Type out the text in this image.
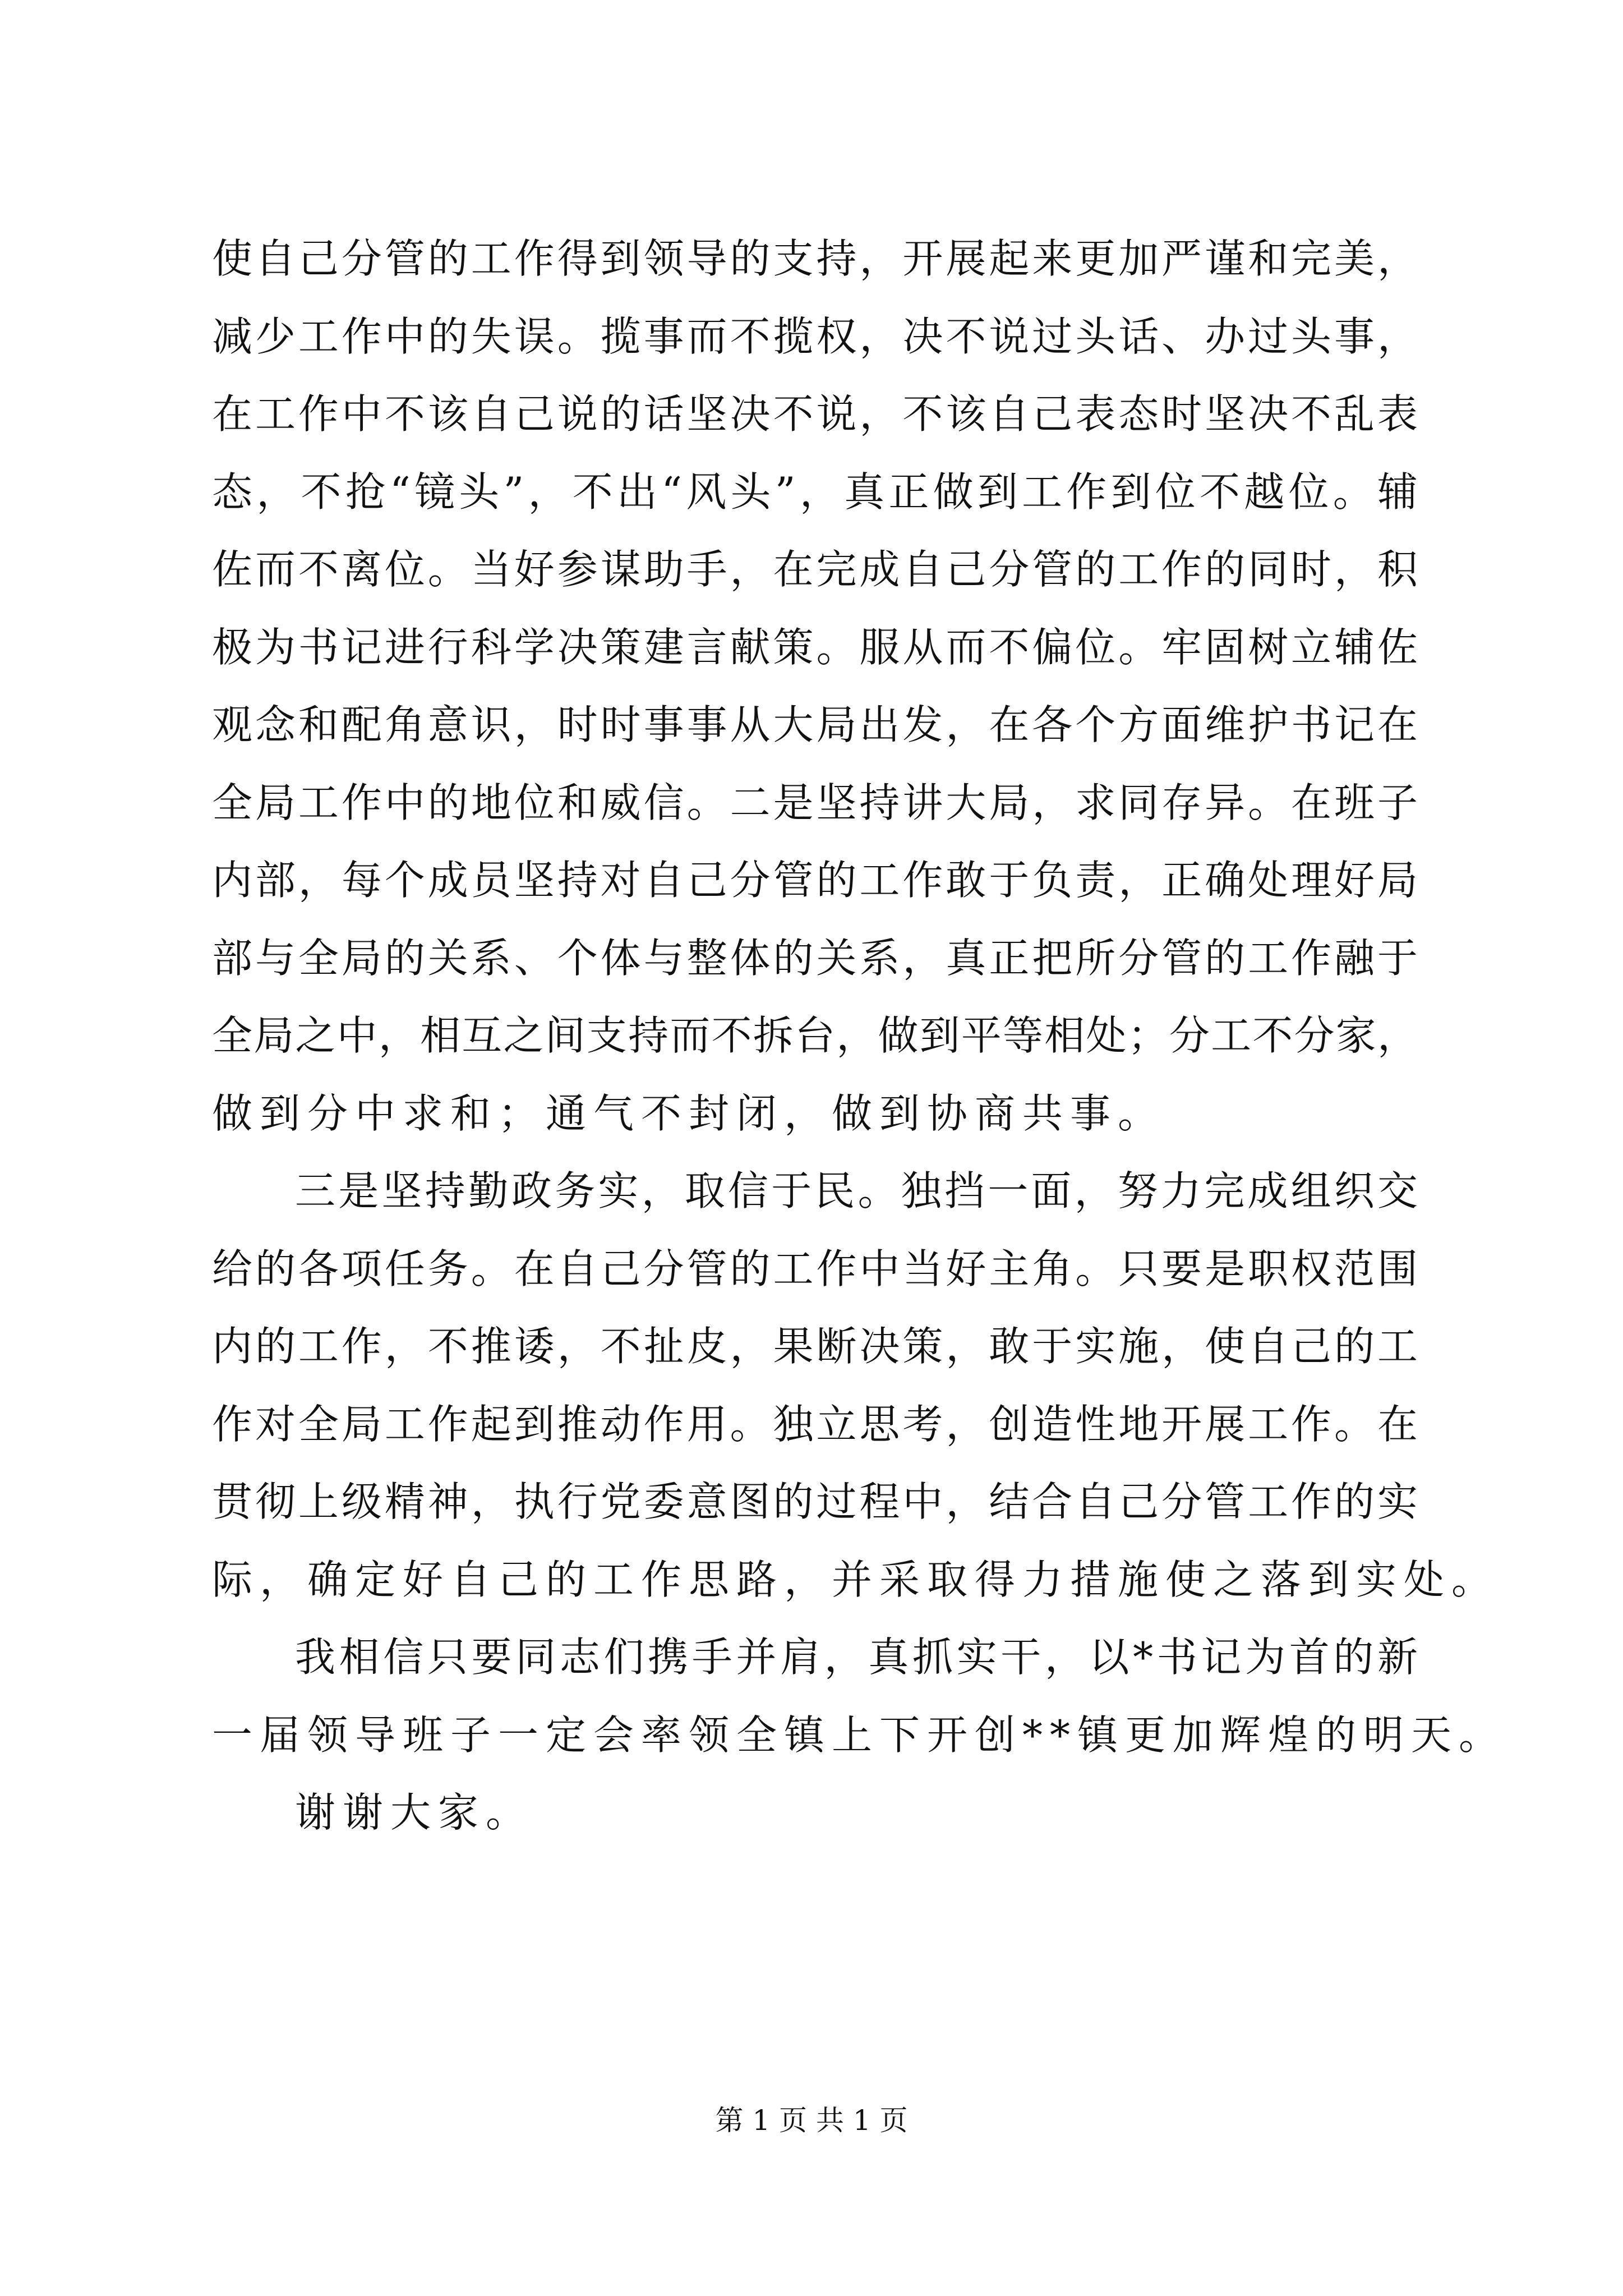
使自己分管的工作得到领导的支持，开展起来更加严谨和完美，
减少工作中的失误。揽事而不揽权，决不说过头话、办过头事，
在工作中不该自己说的话坚决不说，不该自己表态时坚决不乱表
态，不抢“镜头”，不出“风头”，真正做到工作到位不越位。辅
佐而不离位。当好参谋助手，在完成自己分管的工作的同时，积
极为书记进行科学决策建言献策。服从而不偏位。牢固树立辅佐
观念和配角意识，时时事事从大局出发，在各个方面维护书记在
全局工作中的地位和威信。二是坚持讲大局，求同存异。在班子
内部，每个成员坚持对自己分管的工作敢于负责，正确处理好局
部与全局的关系、个体与整体的关系，真正把所分管的工作融于
全局之中，相互之间支持而不拆台，做到平等相处；分工不分家，
做到分中求和；通气不封闭，做到协商共事。
三是坚持勤政务实，取信于民。独挡一面，努力完成组织交
给的各项任务。在自己分管的工作中当好主角。只要是职权范围
内的工作，不推诿，不扯皮，果断决策，敢于实施，使自己的工
作对全局工作起到推动作用。独立思考，创造性地开展工作。在
贯彻上级精神，执行党委意图的过程中，结合自己分管工作的实
际，确定好自己的工作思路，并采取得力措施使之落到实处。
我相信只要同志们携手并肩，真抓实干，以*书记为首的新
一届领导班子一定会率领全镇上下开创**镇更加辉煌的明天。
谢谢大家。
第 1 页 共 1 页
